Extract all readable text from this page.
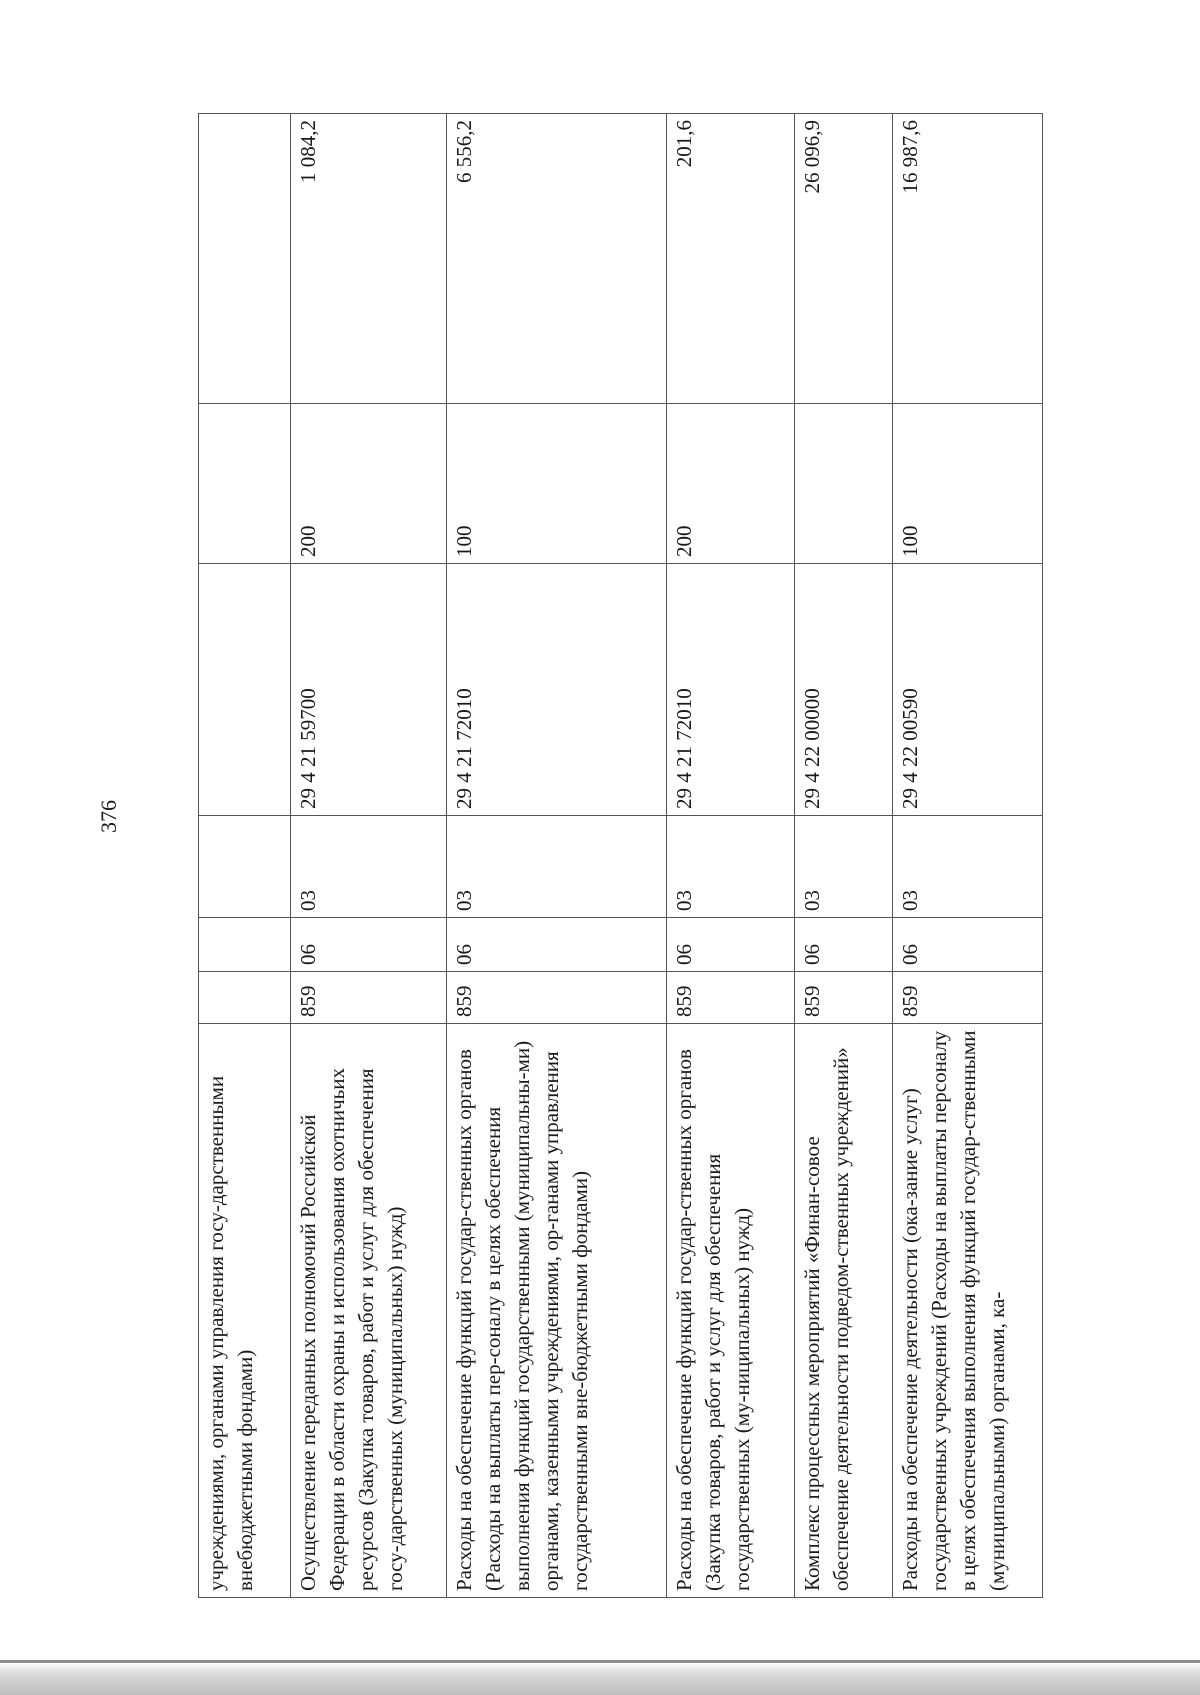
376
учреждениями, органами управления госу-дарственными внебюджетными фондами)						
Осуществление переданных полномочий Российской Федерации в области охраны и использования охотничьих ресурсов (Закупка товаров, работ и услуг для обеспечения госу-дарственных (муниципальных) нужд)	859	06	03	29 4 21 59700	200	1 084,2
Расходы на обеспечение функций государ-ственных органов (Расходы на выплаты пер-соналу в целях обеспечения выполнения функций государственными (муниципальны-ми) органами, казенными учреждениями, ор-ганами управления государственными вне-бюджетными фондами)	859	06	03	29 4 21 72010	100	6 556,2
Расходы на обеспечение функций государ-ственных органов (Закупка товаров, работ и услуг для обеспечения государственных (му-ниципальных) нужд)	859	06	03	29 4 21 72010	200	201,6
Комплекс процессных мероприятий «Финан-совое обеспечение деятельности подведом-ственных учреждений»	859	06	03	29 4 22 00000		26 096,9
Расходы на обеспечение деятельности (ока-зание услуг) государственных учреждений (Расходы на выплаты персоналу в целях обеспечения выполнения функций государ-ственными (муниципальными) органами, ка-	859	06	03	29 4 22 00590	100	16 987,6
